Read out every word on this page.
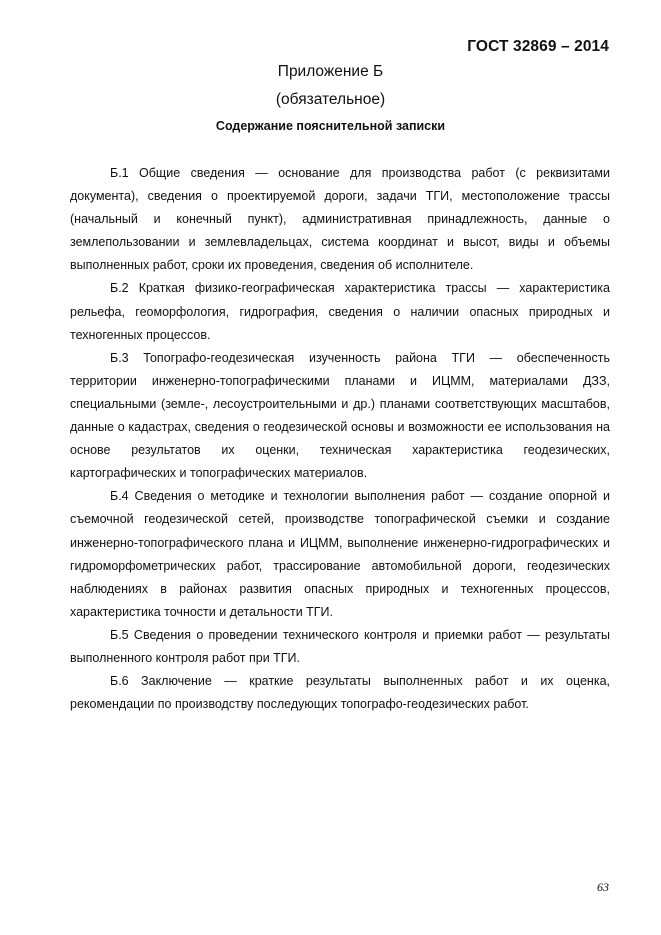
ГОСТ 32869 – 2014
Приложение Б
(обязательное)
Содержание пояснительной записки

Б.1 Общие сведения — основание для производства работ (с реквизитами документа), сведения о проектируемой дороги, задачи ТГИ, местоположение трассы (начальный и конечный пункт), административная принадлежность, данные о землепользовании и землевладельцах, система координат и высот, виды и объемы выполненных работ, сроки их проведения, сведения об исполнителе.

Б.2 Краткая физико-географическая характеристика трассы — характеристика рельефа, геоморфология, гидрография, сведения о наличии опасных природных и техногенных процессов.

Б.3 Топографо-геодезическая изученность района ТГИ — обеспеченность территории инженерно-топографическими планами и ИЦММ, материалами ДЗЗ, специальными (земле-, лесоустроительными и др.) планами соответствующих масштабов, данные о кадастрах, сведения о геодезической основы и возможности ее использования на основе результатов их оценки, техническая характеристика геодезических, картографических и топографических материалов.

Б.4 Сведения о методике и технологии выполнения работ — создание опорной и съемочной геодезической сетей, производстве топографической съемки и создание инженерно-топографического плана и ИЦММ, выполнение инженерно-гидрографических и гидроморфометрических работ, трассирование автомобильной дороги, геодезических наблюдениях в районах развития опасных природных и техногенных процессов, характеристика точности и детальности ТГИ.

Б.5 Сведения о проведении технического контроля и приемки работ — результаты выполненного контроля работ при ТГИ.

Б.6 Заключение — краткие результаты выполненных работ и их оценка, рекомендации по производству последующих топографо-геодезических работ.

63
